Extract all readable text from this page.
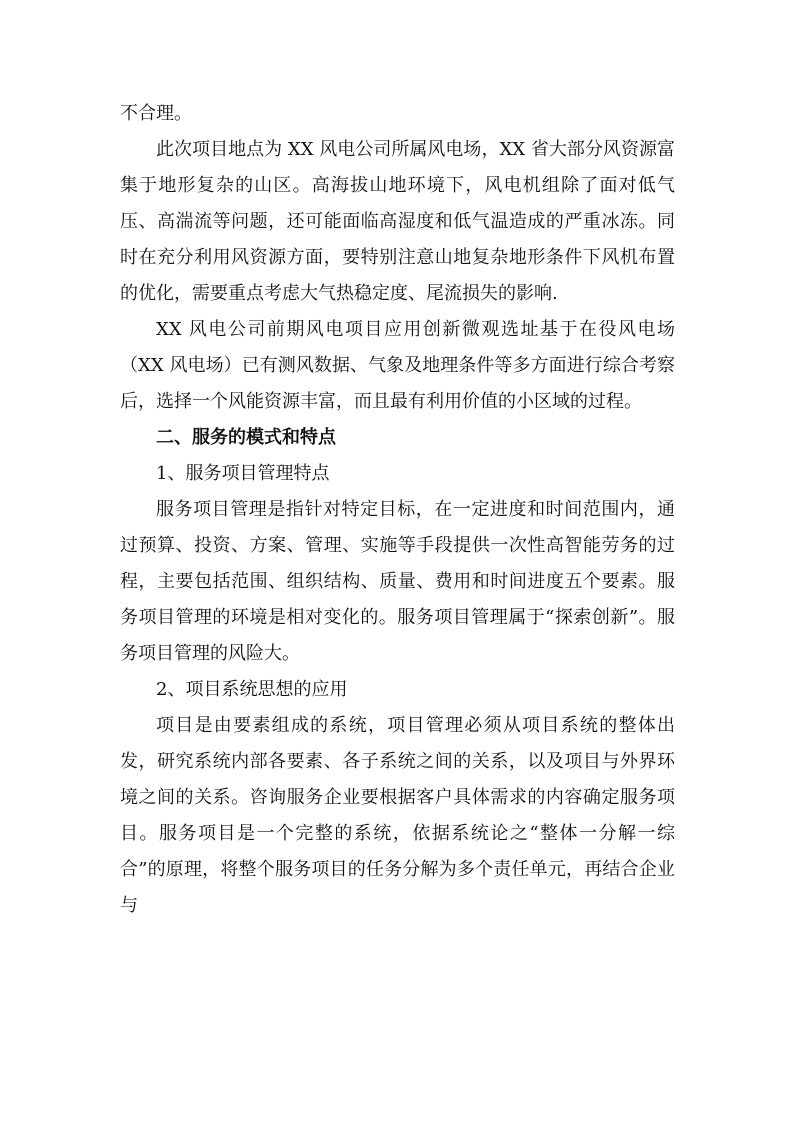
不合理。

此次项目地点为 XX 风电公司所属风电场，XX 省大部分风资源富集于地形复杂的山区。高海拔山地环境下，风电机组除了面对低气压、高湍流等问题，还可能面临高湿度和低气温造成的严重冰冻。同时在充分利用风资源方面，要特别注意山地复杂地形条件下风机布置的优化，需要重点考虑大气热稳定度、尾流损失的影响.

XX 风电公司前期风电项目应用创新微观选址基于在役风电场（XX 风电场）已有测风数据、气象及地理条件等多方面进行综合考察后，选择一个风能资源丰富，而且最有利用价值的小区域的过程。

二、服务的模式和特点

1、服务项目管理特点

服务项目管理是指针对特定目标，在一定进度和时间范围内，通过预算、投资、方案、管理、实施等手段提供一次性高智能劳务的过程，主要包括范围、组织结构、质量、费用和时间进度五个要素。服务项目管理的环境是相对变化的。服务项目管理属于“探索创新”。服务项目管理的风险大。

2、项目系统思想的应用

项目是由要素组成的系统，项目管理必须从项目系统的整体出发，研究系统内部各要素、各子系统之间的关系，以及项目与外界环境之间的关系。咨询服务企业要根据客户具体需求的内容确定服务项目。服务项目是一个完整的系统，依据系统论之“整体一分解一综合”的原理，将整个服务项目的任务分解为多个责任单元，再结合企业与
